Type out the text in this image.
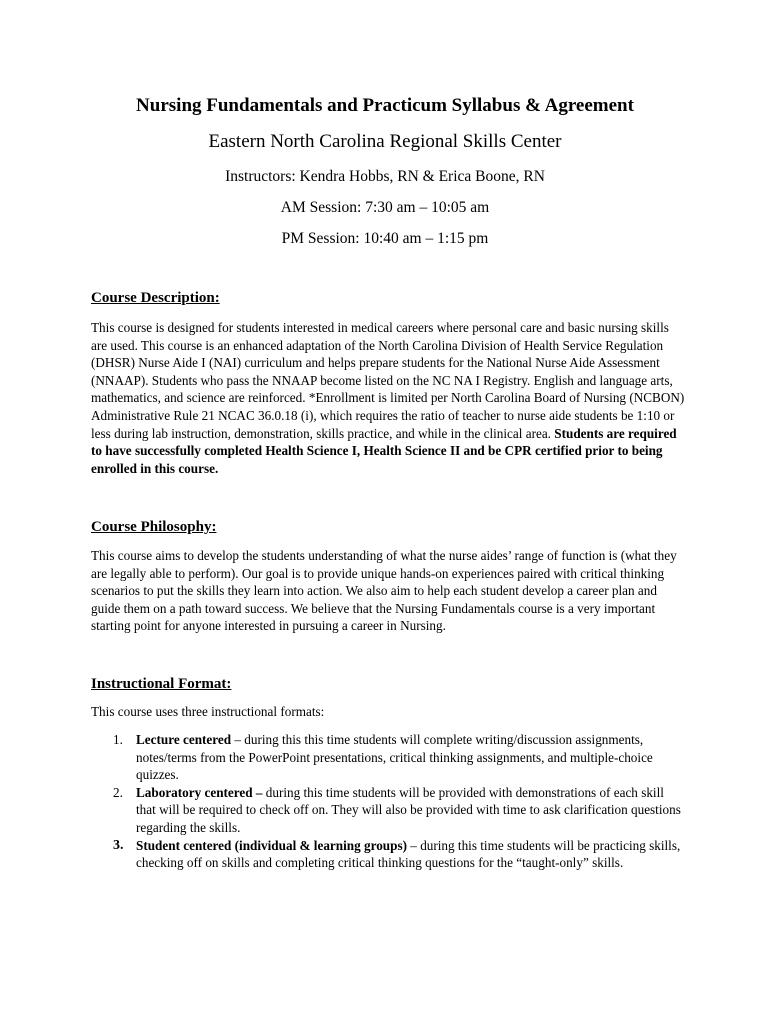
Nursing Fundamentals and Practicum Syllabus & Agreement
Eastern North Carolina Regional Skills Center
Instructors: Kendra Hobbs, RN & Erica Boone, RN
AM Session: 7:30 am – 10:05 am
PM Session: 10:40 am – 1:15 pm
Course Description:
This course is designed for students interested in medical careers where personal care and basic nursing skills are used. This course is an enhanced adaptation of the North Carolina Division of Health Service Regulation (DHSR) Nurse Aide I (NAI) curriculum and helps prepare students for the National Nurse Aide Assessment (NNAAP). Students who pass the NNAAP become listed on the NC NA I Registry. English and language arts, mathematics, and science are reinforced. *Enrollment is limited per North Carolina Board of Nursing (NCBON) Administrative Rule 21 NCAC 36.0.18 (i), which requires the ratio of teacher to nurse aide students be 1:10 or less during lab instruction, demonstration, skills practice, and while in the clinical area. Students are required to have successfully completed Health Science I, Health Science II and be CPR certified prior to being enrolled in this course.
Course Philosophy:
This course aims to develop the students understanding of what the nurse aides’ range of function is (what they are legally able to perform). Our goal is to provide unique hands-on experiences paired with critical thinking scenarios to put the skills they learn into action. We also aim to help each student develop a career plan and guide them on a path toward success. We believe that the Nursing Fundamentals course is a very important starting point for anyone interested in pursuing a career in Nursing.
Instructional Format:
This course uses three instructional formats:
1. Lecture centered – during this this time students will complete writing/discussion assignments, notes/terms from the PowerPoint presentations, critical thinking assignments, and multiple-choice quizzes.
2. Laboratory centered – during this time students will be provided with demonstrations of each skill that will be required to check off on. They will also be provided with time to ask clarification questions regarding the skills.
3. Student centered (individual & learning groups) – during this time students will be practicing skills, checking off on skills and completing critical thinking questions for the “taught-only” skills.
